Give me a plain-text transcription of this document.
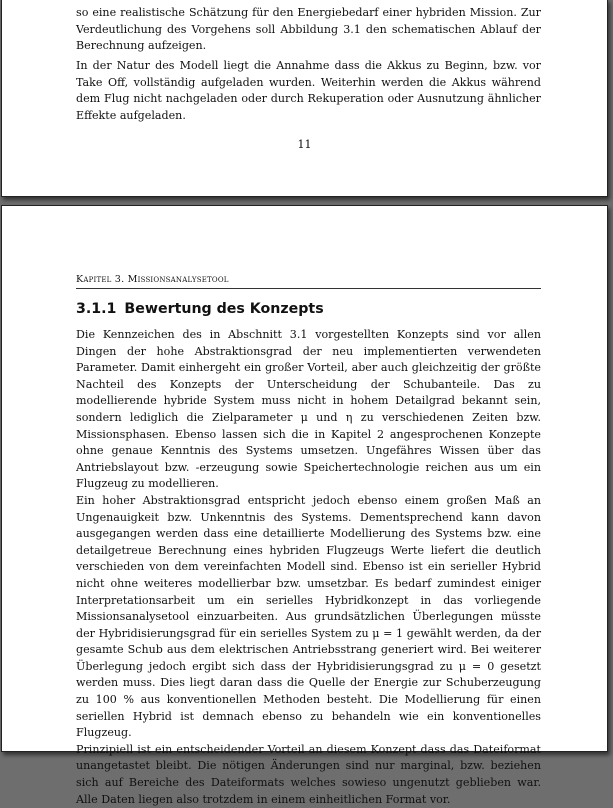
so eine realistische Schätzung für den Energiebedarf einer hybriden Mission. Zur Verdeutlichung des Vorgehens soll Abbildung 3.1 den schematischen Ablauf der Berechnung aufzeigen.
In der Natur des Modell liegt die Annahme dass die Akkus zu Beginn, bzw. vor Take Off, vollständig aufgeladen wurden. Weiterhin werden die Akkus während dem Flug nicht nachgeladen oder durch Rekuperation oder Ausnutzung ähnlicher Effekte aufgeladen.
11
Kapitel 3. Missionsanalysetool
3.1.1 Bewertung des Konzepts

Die Kennzeichen des in Abschnitt 3.1 vorgestellten Konzepts sind vor allen Dingen der hohe Abstraktionsgrad der neu implementierten verwendeten Parameter. Damit einhergeht ein großer Vorteil, aber auch gleichzeitig der größte Nachteil des Konzepts der Unterscheidung der Schubanteile. Das zu modellierende hybride System muss nicht in hohem Detailgrad bekannt sein, sondern lediglich die Zielparameter μ und η zu verschiedenen Zeiten bzw. Missionsphasen. Ebenso lassen sich die in Kapitel 2 angesprochenen Konzepte ohne genaue Kenntnis des Systems umsetzen. Ungefähres Wissen über das Antriebslayout bzw. -erzeugung sowie Speichertechnologie reichen aus um ein Flugzeug zu modellieren.

Ein hoher Abstraktionsgrad entspricht jedoch ebenso einem großen Maß an Ungenauigkeit bzw. Unkenntnis des Systems. Dementsprechend kann davon ausgegangen werden dass eine detaillierte Modellierung des Systems bzw. eine detailgetreue Berechnung eines hybriden Flugzeugs Werte liefert die deutlich verschieden von dem vereinfachten Modell sind. Ebenso ist ein serieller Hybrid nicht ohne weiteres modellierbar bzw. umsetzbar. Es bedarf zumindest einiger Interpretationsarbeit um ein serielles Hybridkonzept in das vorliegende Missionsanalysetool einzuarbeiten. Aus grundsätzlichen Überlegungen müsste der Hybridisierungsgrad für ein serielles System zu μ = 1 gewählt werden, da der gesamte Schub aus dem elektrischen Antriebsstrang generiert wird. Bei weiterer Überlegung jedoch ergibt sich dass der Hybridisierungsgrad zu μ = 0 gesetzt werden muss. Dies liegt daran dass die Quelle der Energie zur Schuberzeugung zu 100 % aus konventionellen Methoden besteht. Die Modellierung für einen seriellen Hybrid ist demnach ebenso zu behandeln wie ein konventionelles Flugzeug.

Prinzipiell ist ein entscheidender Vorteil an diesem Konzept dass das Dateiformat unangetastet bleibt. Die nötigen Änderungen sind nur marginal, bzw. beziehen sich auf Bereiche des Dateiformats welches sowieso ungenutzt geblieben war. Alle Daten liegen also trotzdem in einem einheitlichen Format vor.
